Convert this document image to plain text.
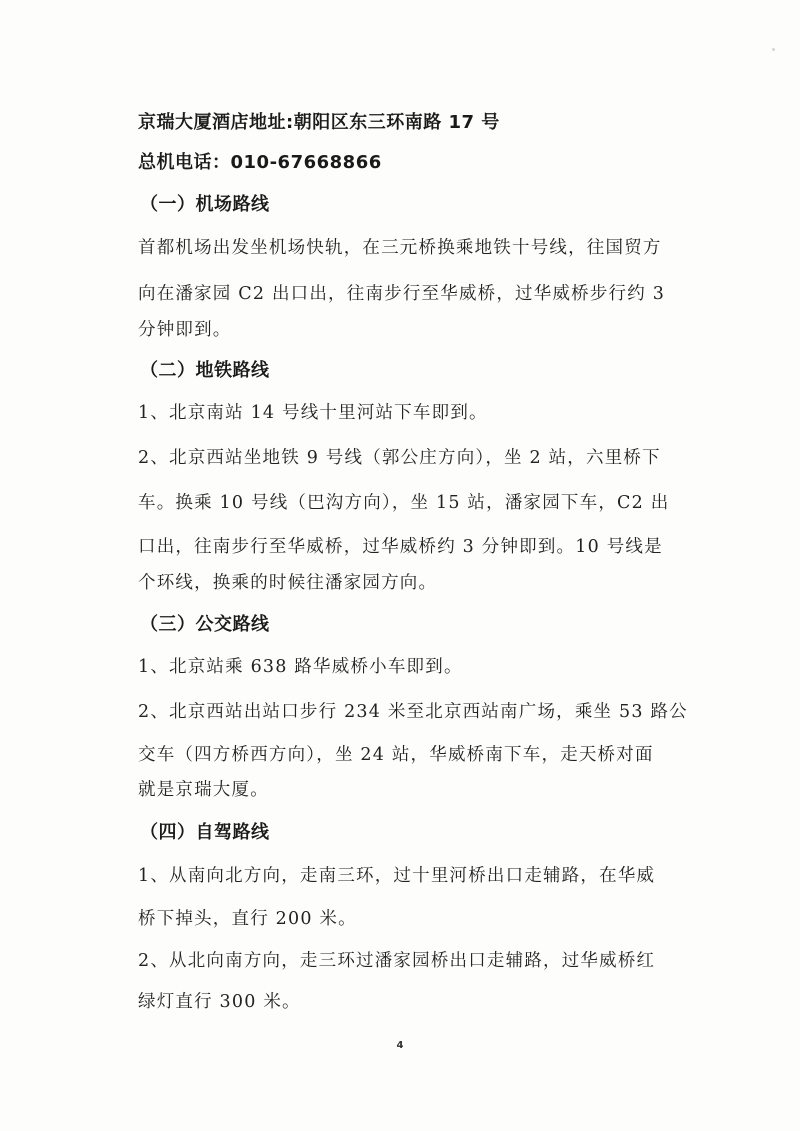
京瑞大厦酒店地址:朝阳区东三环南路 17 号
总机电话：010-67668866
（一）机场路线
首都机场出发坐机场快轨，在三元桥换乘地铁十号线，往国贸方
向在潘家园 C2 出口出，往南步行至华威桥，过华威桥步行约 3
分钟即到。
（二）地铁路线
1、北京南站 14 号线十里河站下车即到。
2、北京西站坐地铁 9 号线（郭公庄方向），坐 2 站，六里桥下
车。换乘 10 号线（巴沟方向），坐 15 站，潘家园下车，C2 出
口出，往南步行至华威桥，过华威桥约 3 分钟即到。10 号线是
个环线，换乘的时候往潘家园方向。
（三）公交路线
1、北京站乘 638 路华威桥小车即到。
2、北京西站出站口步行 234 米至北京西站南广场，乘坐 53 路公
交车（四方桥西方向），坐 24 站，华威桥南下车，走天桥对面
就是京瑞大厦。
（四）自驾路线
1、从南向北方向，走南三环，过十里河桥出口走辅路，在华威
桥下掉头，直行 200 米。
2、从北向南方向，走三环过潘家园桥出口走辅路，过华威桥红
绿灯直行 300 米。
4
